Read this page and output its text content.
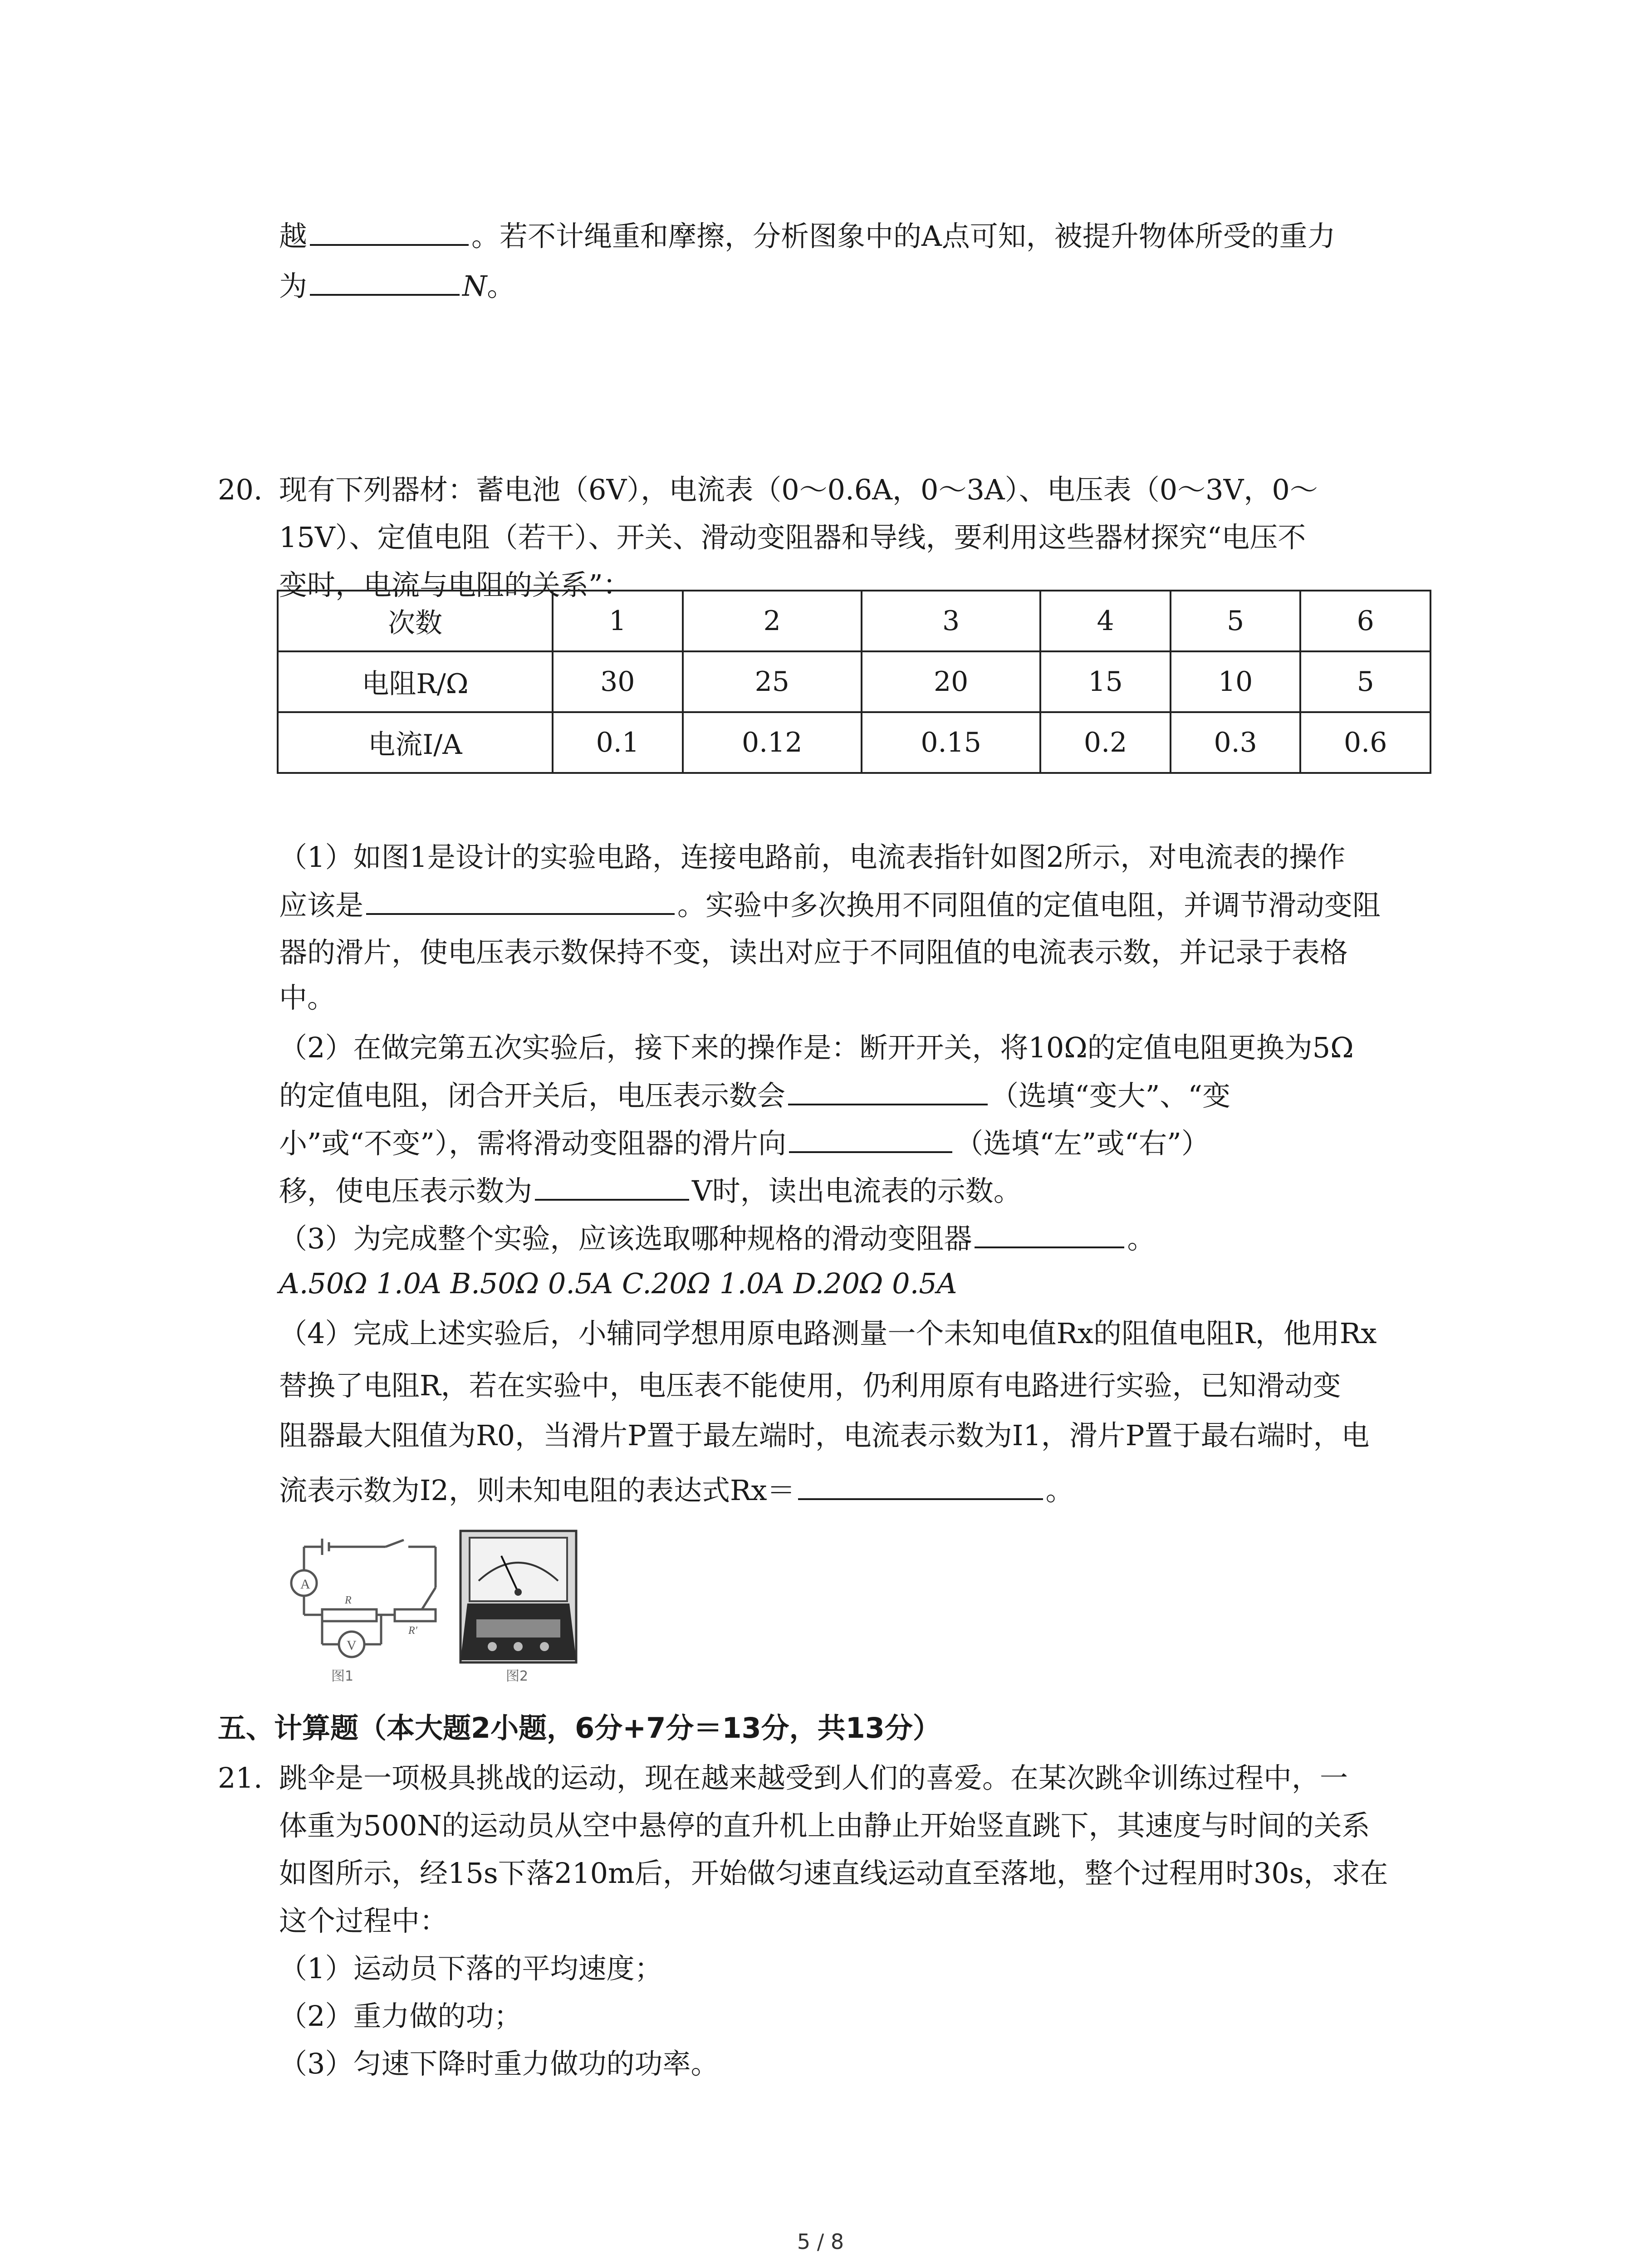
越	。若不计绳重和摩擦，分析图象中的A点可知，被提升物体所受的重力
为	N。
20. 现有下列器材：蓄电池（6V），电流表（0～0.6A，0～3A）、电压表（0～3V，0～
15V）、定值电阻（若干）、开关、滑动变阻器和导线，要利用这些器材探究“电压不
变时，电流与电阻的关系”：
次数	1	2	3	4	5	6
电阻R/Ω	30	25	20	15	10	5
电流I/A	0.1	0.12	0.15	0.2	0.3	0.6
（1）如图1是设计的实验电路，连接电路前，电流表指针如图2所示，对电流表的操作
应该是	。实验中多次换用不同阻值的定值电阻，并调节滑动变阻
器的滑片，使电压表示数保持不变，读出对应于不同阻值的电流表示数，并记录于表格
中。
（2）在做完第五次实验后，接下来的操作是：断开开关，将10Ω的定值电阻更换为5Ω
的定值电阻，闭合开关后，电压表示数会	（选填“变大”、“变
小”或“不变”），需将滑动变阻器的滑片向	（选填“左”或“右”）
移，使电压表示数为	V时，读出电流表的示数。
（3）为完成整个实验，应该选取哪种规格的滑动变阻器	。
A.50Ω 1.0A B.50Ω 0.5A C.20Ω 1.0A D.20Ω 0.5A
（4）完成上述实验后，小辅同学想用原电路测量一个未知电值Rx的阻值电阻R，他用Rx
替换了电阻R，若在实验中，电压表不能使用，仍利用原有电路进行实验，已知滑动变
阻器最大阻值为R0，当滑片P置于最左端时，电流表示数为I1，滑片P置于最右端时，电
流表示数为I2，则未知电阻的表达式Rx＝	。
A
V
R
R'
图1	图2
五、计算题（本大题2小题，6分+7分＝13分，共13分）
21. 跳伞是一项极具挑战的运动，现在越来越受到人们的喜爱。在某次跳伞训练过程中，一
体重为500N的运动员从空中悬停的直升机上由静止开始竖直跳下，其速度与时间的关系
如图所示，经15s下落210m后，开始做匀速直线运动直至落地，整个过程用时30s，求在
这个过程中：
（1）运动员下落的平均速度；
（2）重力做的功；
（3）匀速下降时重力做功的功率。
5 / 8
